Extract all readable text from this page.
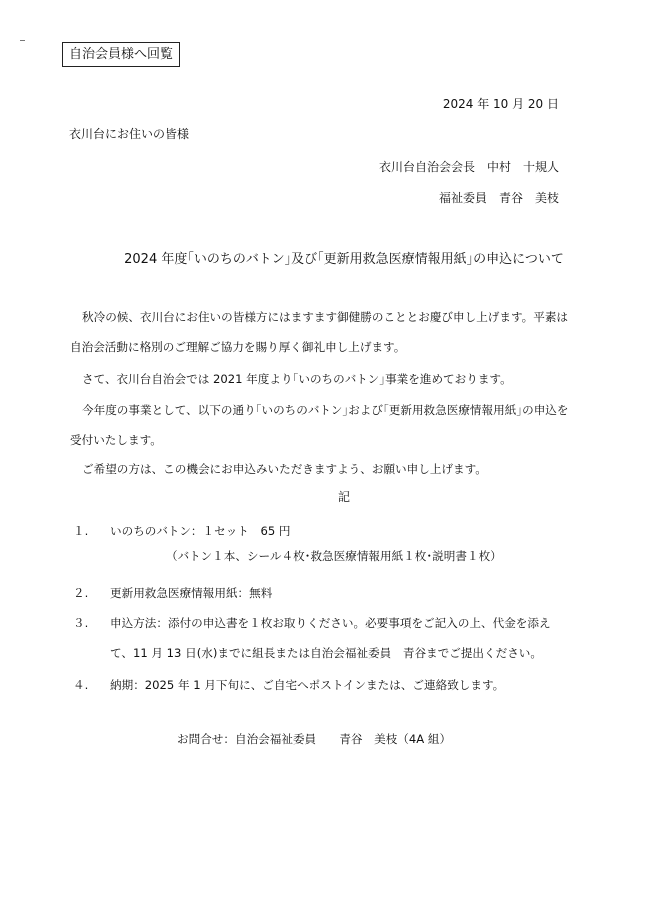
自治会員様へ回覧
2024 年 10 月 20 日
衣川台にお住いの皆様
衣川台自治会会長　中村　十規人
福祉委員　青谷　美枝
2024 年度｢いのちのバトン｣及び｢更新用救急医療情報用紙｣の申込について
秋冷の候、衣川台にお住いの皆様方にはますます御健勝のこととお慶び申し上げます。平素は自治会活動に格別のご理解ご協力を賜り厚く御礼申し上げます。
さて、衣川台自治会では 2021 年度より｢いのちのバトン｣事業を進めております。
今年度の事業として、以下の通り｢いのちのバトン｣および｢更新用救急医療情報用紙｣の申込を受付いたします。
ご希望の方は、この機会にお申込みいただきますよう、お願い申し上げます。
記
１. いのちのバトン：１セット　65 円
（バトン１本、シール４枚･救急医療情報用紙１枚･説明書１枚）
２. 更新用救急医療情報用紙：無料
３. 申込方法：添付の申込書を１枚お取りください。必要事項をご記入の上、代金を添えて、11 月 13 日(水)までに組長または自治会福祉委員　青谷までご提出ください。
４. 納期：2025 年 1 月下旬に、ご自宅へポストインまたは、ご連絡致します。
お問合せ：自治会福祉委員　　青谷　美枝（4A 組）
